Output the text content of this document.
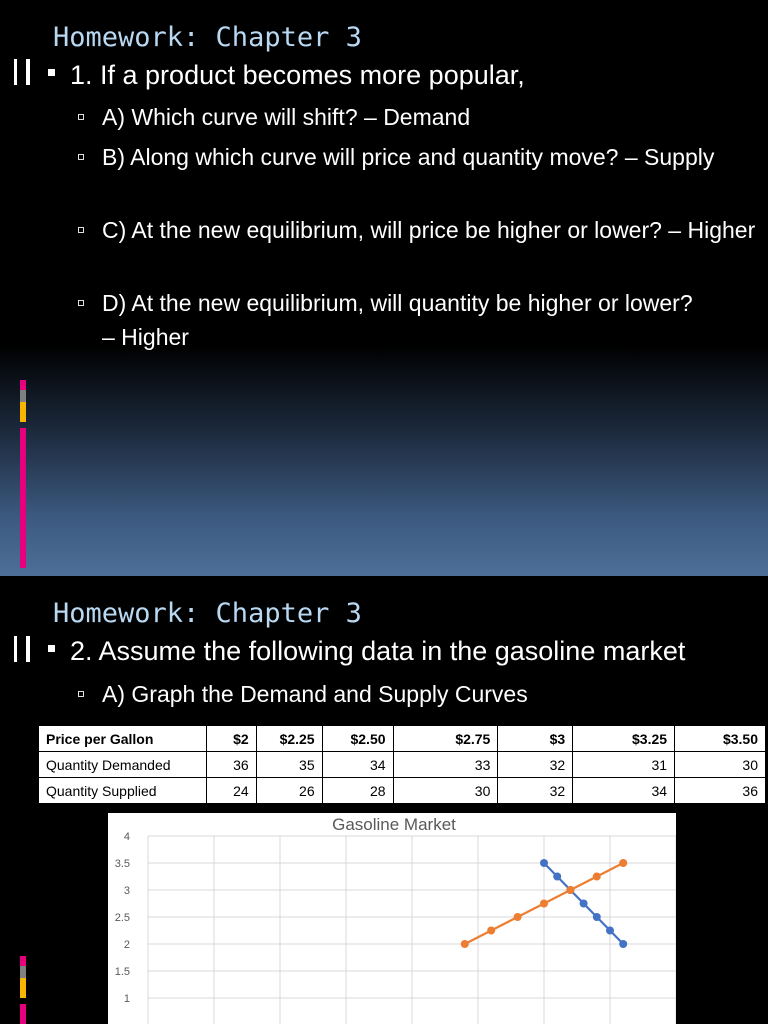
Homework: Chapter 3
1. If a product becomes more popular,
A) Which curve will shift? – Demand
B) Along which curve will price and quantity move? – Supply
C) At the new equilibrium, will price be higher or lower? – Higher
D) At the new equilibrium, will quantity be higher or lower? – Higher
Homework: Chapter 3
2. Assume the following data in the gasoline market
A) Graph the Demand and Supply Curves
Price per Gallon	$2	$2.25	$2.50	$2.75	$3	$3.25	$3.50
Quantity Demanded	36	35	34	33	32	31	30
Quantity Supplied	24	26	28	30	32	34	36
Gasoline Market
4
3.5
3
2.5
2
1.5
1
